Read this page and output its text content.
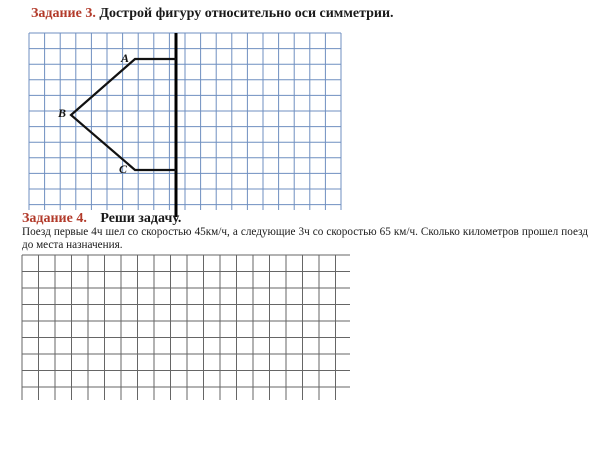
Задание 3. Дострой фигуру относительно оси симметрии.
A
B
C
Задание 4. Реши задачу.
Поезд первые 4ч шел со скоростью 45км/ч, а следующие 3ч со скоростью 65 км/ч. Сколько километров прошел поезд до места назначения.
